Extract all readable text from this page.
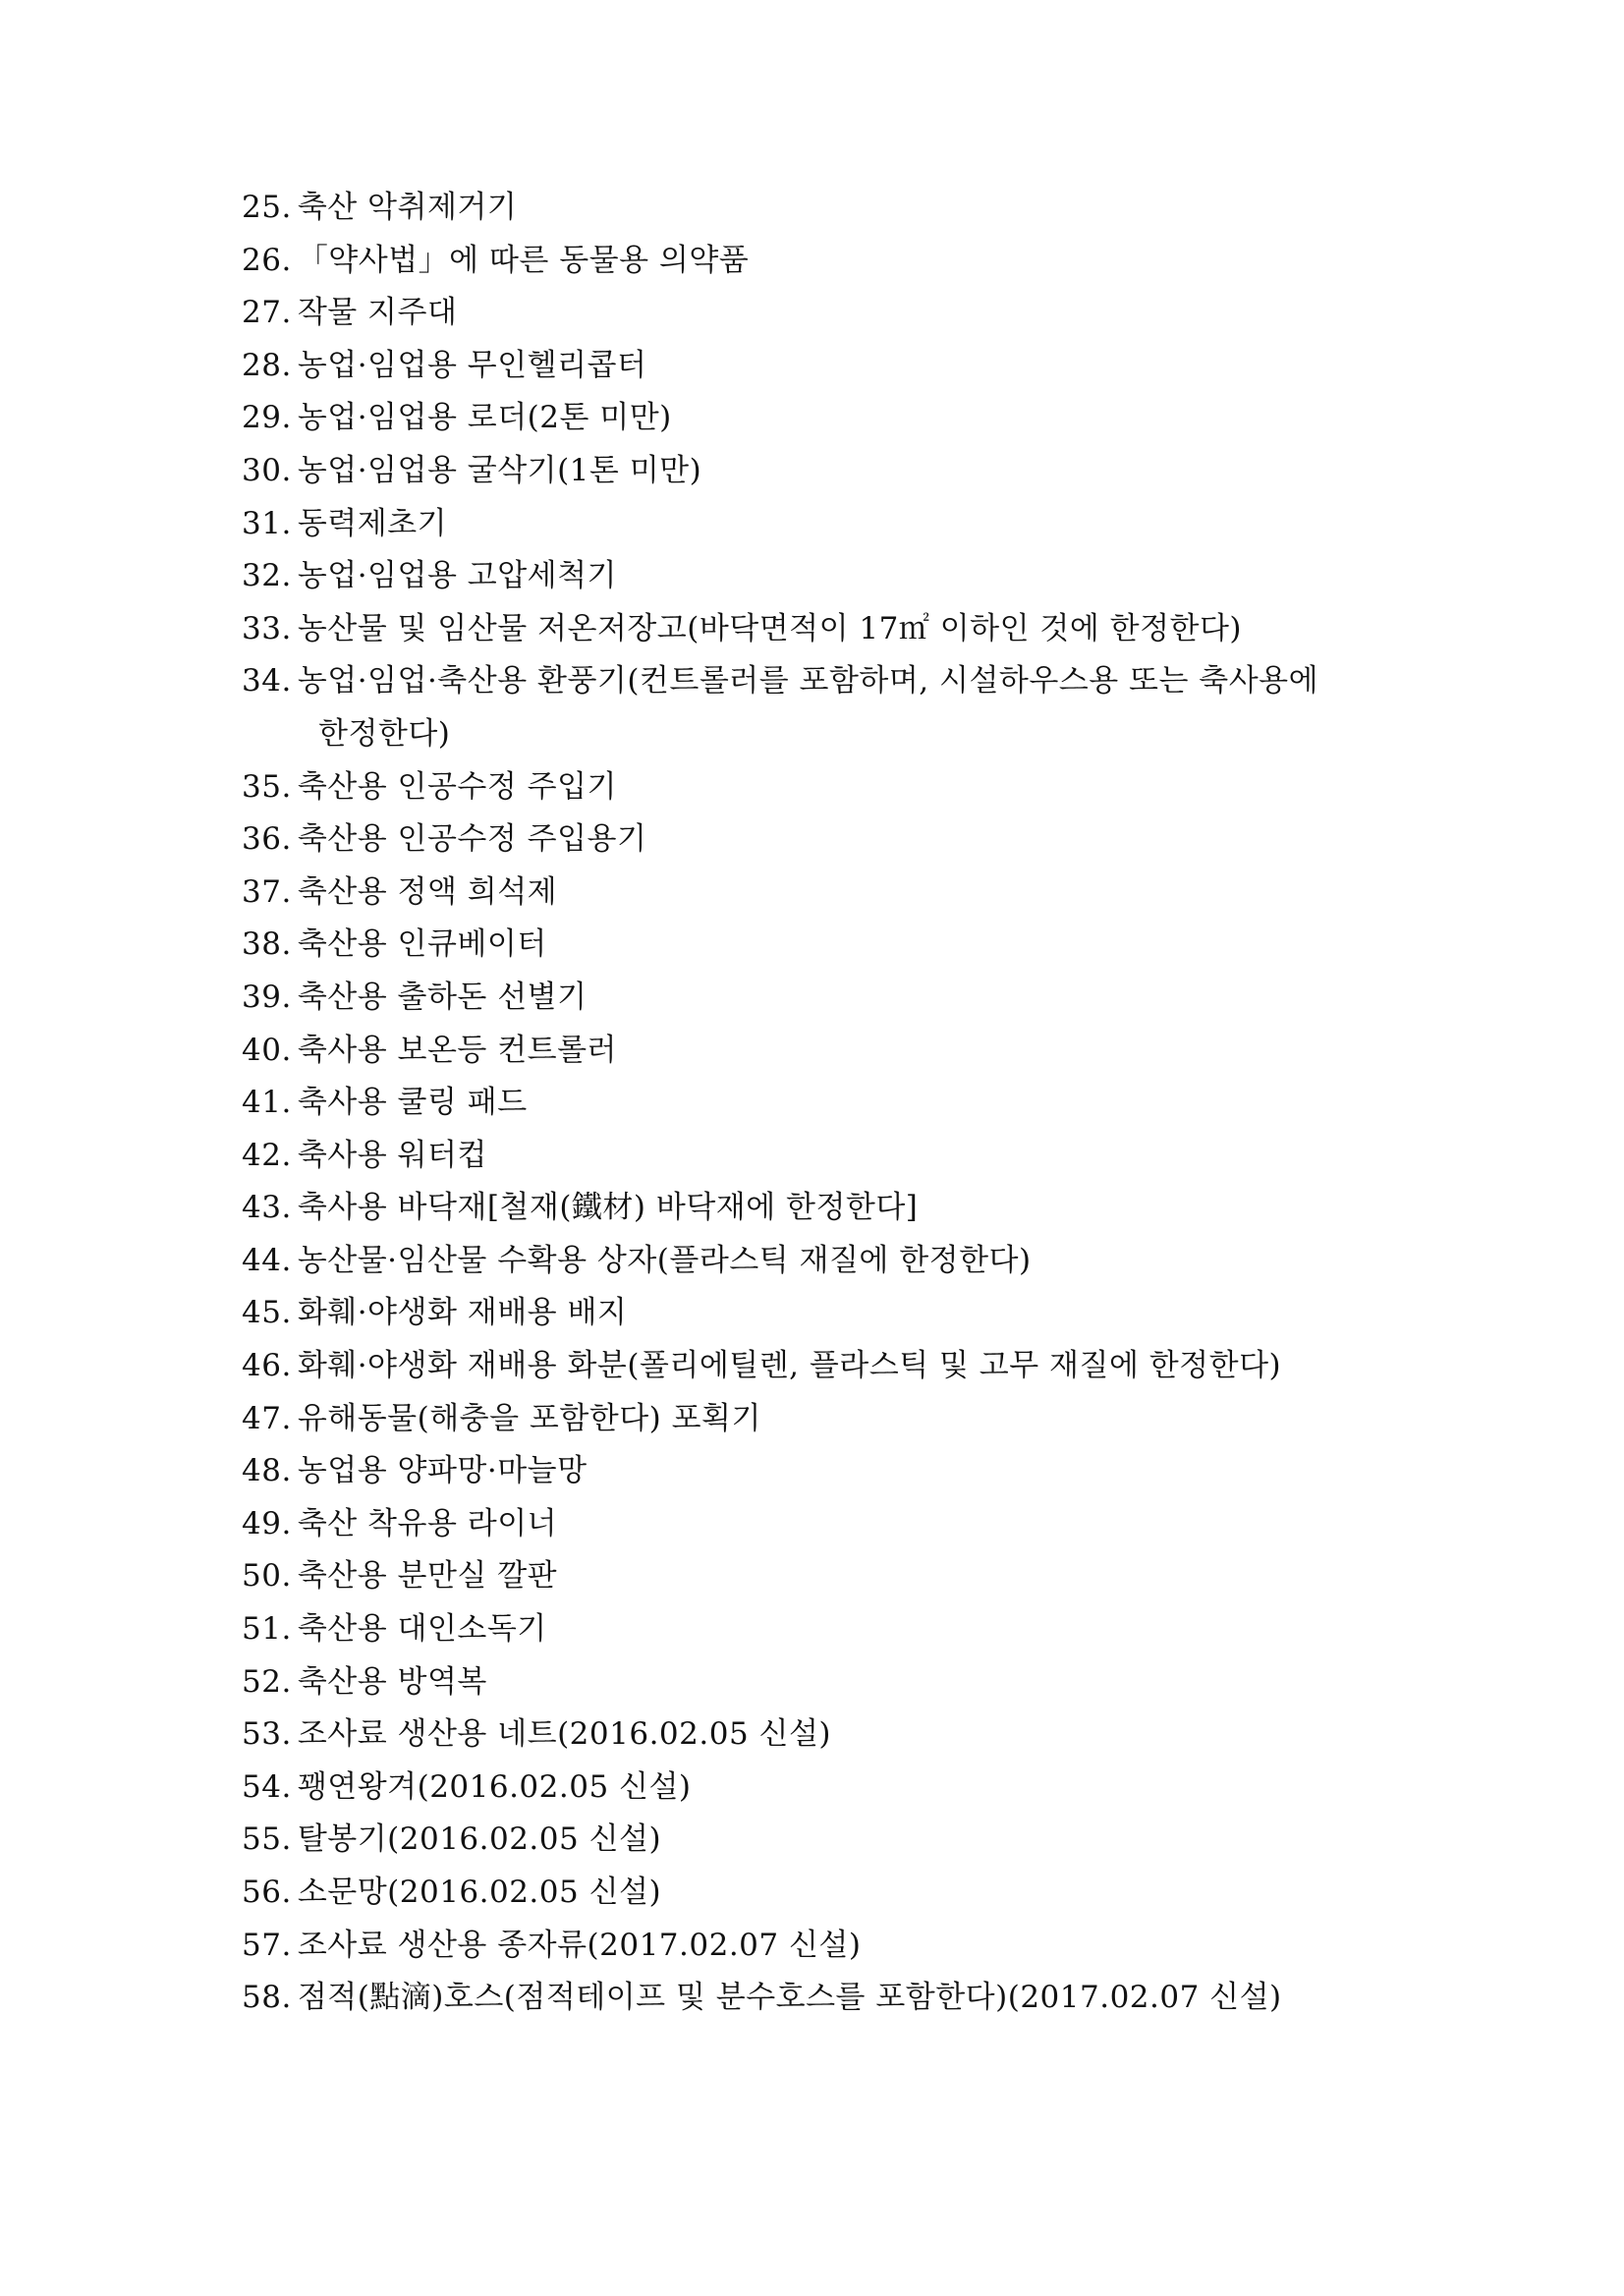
25. 축산 악취제거기
26. 「약사법」에 따른 동물용 의약품
27. 작물 지주대
28. 농업·임업용 무인헬리콥터
29. 농업·임업용 로더(2톤 미만)
30. 농업·임업용 굴삭기(1톤 미만)
31. 동력제초기
32. 농업·임업용 고압세척기
33. 농산물 및 임산물 저온저장고(바닥면적이 17㎡ 이하인 것에 한정한다)
34. 농업·임업·축산용 환풍기(컨트롤러를 포함하며, 시설하우스용 또는 축사용에
한정한다)
35. 축산용 인공수정 주입기
36. 축산용 인공수정 주입용기
37. 축산용 정액 희석제
38. 축산용 인큐베이터
39. 축산용 출하돈 선별기
40. 축사용 보온등 컨트롤러
41. 축사용 쿨링 패드
42. 축사용 워터컵
43. 축사용 바닥재[철재(鐵材) 바닥재에 한정한다]
44. 농산물·임산물 수확용 상자(플라스틱 재질에 한정한다)
45. 화훼·야생화 재배용 배지
46. 화훼·야생화 재배용 화분(폴리에틸렌, 플라스틱 및 고무 재질에 한정한다)
47. 유해동물(해충을 포함한다) 포획기
48. 농업용 양파망·마늘망
49. 축산 착유용 라이너
50. 축산용 분만실 깔판
51. 축산용 대인소독기
52. 축산용 방역복
53. 조사료 생산용 네트(2016.02.05 신설)
54. 꽹연왕겨(2016.02.05 신설)
55. 탈봉기(2016.02.05 신설)
56. 소문망(2016.02.05 신설)
57. 조사료 생산용 종자류(2017.02.07 신설)
58. 점적(點滴)호스(점적테이프 및 분수호스를 포함한다)(2017.02.07 신설)
